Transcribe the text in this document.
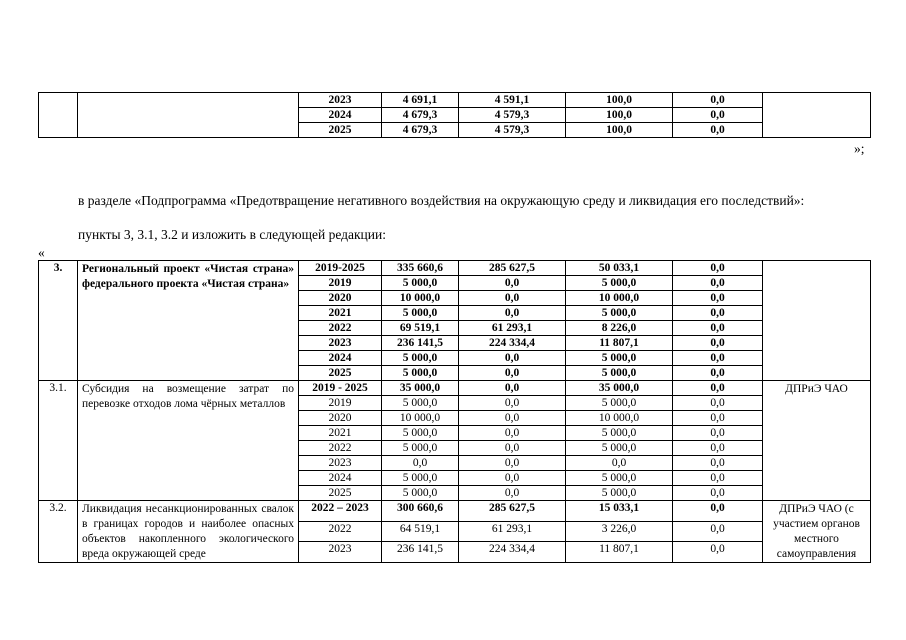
		2023	4 691,1	4 591,1	100,0	0,0	
		2024	4 679,3	4 579,3	100,0	0,0	
		2025	4 679,3	4 579,3	100,0	0,0	
»;
в разделе «Подпрограмма «Предотвращение негативного воздействия на окружающую среду и ликвидация его последствий»:
пункты 3, 3.1, 3.2 и изложить в следующей редакции:
«
3.	Региональный проект «Чистая страна» федерального проекта «Чистая страна»	2019-2025	335 660,6	285 627,5	50 033,1	0,0	
		2019	5 000,0	0,0	5 000,0	0,0	
		2020	10 000,0	0,0	10 000,0	0,0	
		2021	5 000,0	0,0	5 000,0	0,0	
		2022	69 519,1	61 293,1	8 226,0	0,0	
		2023	236 141,5	224 334,4	11 807,1	0,0	
		2024	5 000,0	0,0	5 000,0	0,0	
		2025	5 000,0	0,0	5 000,0	0,0	
3.1.	Субсидия на возмещение затрат по перевозке отходов лома чёрных металлов	2019 - 2025	35 000,0	0,0	35 000,0	0,0	ДПРиЭ ЧАО
		2019	5 000,0	0,0	5 000,0	0,0	
		2020	10 000,0	0,0	10 000,0	0,0	
		2021	5 000,0	0,0	5 000,0	0,0	
		2022	5 000,0	0,0	5 000,0	0,0	
		2023	0,0	0,0	0,0	0,0	
		2024	5 000,0	0,0	5 000,0	0,0	
		2025	5 000,0	0,0	5 000,0	0,0	
3.2.	Ликвидация несанкционированных свалок в границах городов и наиболее опасных объектов накопленного экологического вреда окружающей среде	2022 – 2023	300 660,6	285 627,5	15 033,1	0,0	ДПРиЭ ЧАО (с участием органов местного самоуправления
		2022	64 519,1	61 293,1	3 226,0	0,0	
		2023	236 141,5	224 334,4	11 807,1	0,0	
